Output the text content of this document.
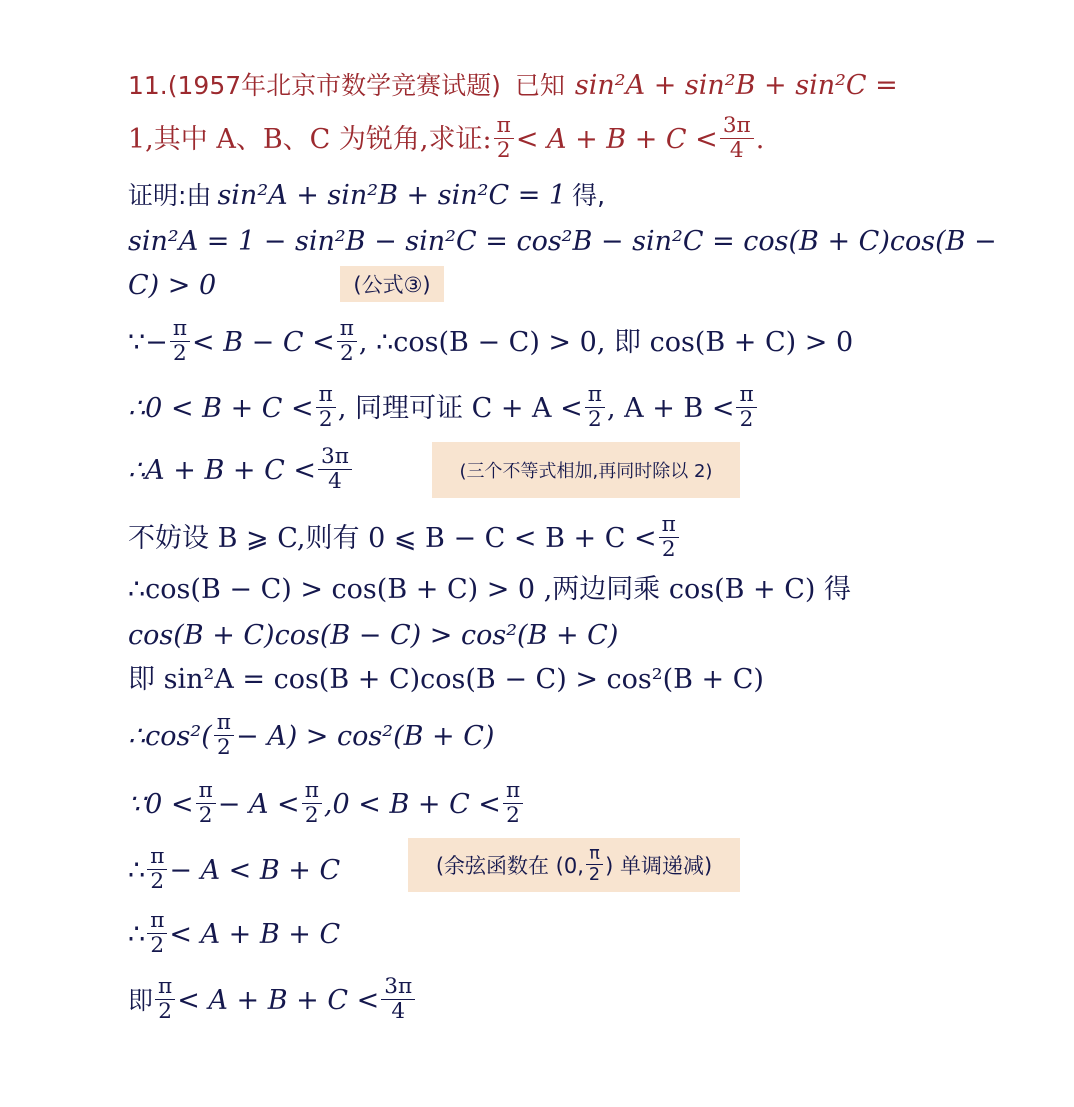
11.(1957年北京市数学竞赛试题) 已知 sin²A + sin²B + sin²C =
1,其中 A、B、C 为锐角,求证: $\frac{\pi}{2} < A + B + C < \frac{3\pi}{4}$ .
证明:由 sin²A + sin²B + sin²C = 1 得,
sin²A = 1 − sin²B − sin²C = cos²B − sin²C = cos(B + C)cos(B −
C) > 0	(公式③)
∵− $\frac{\pi}{2} < B - C < \frac{\pi}{2}$ , ∴cos(B − C) > 0, 即 cos(B + C) > 0
∴0 < $B + C < \frac{\pi}{2}$ , 同理可证 $C + A < \frac{\pi}{2}$ , $A + B < \frac{\pi}{2}$
∴A + $B + C < \frac{3\pi}{4}$	(三个不等式相加,再同时除以 2)
不妨设 B ⩾ C,则有 0 ⩽ $B - C < B + C < \frac{\pi}{2}$
∴cos(B − C) > cos(B + C) > 0 ,两边同乘 cos(B + C) 得
cos(B + C)cos(B − C) > cos²(B + C)
即 sin²A = cos(B + C)cos(B − C) > cos²(B + C)
∴cos²( $\frac{\pi}{2} - A) > \cos^2(B + C)$
∵0 < $\frac{\pi}{2} - A < \frac{\pi}{2} ,0 < B + C < \frac{\pi}{2}$
∴ $\frac{\pi}{2} - A < B + C$	(余弦函数在 (0, $\frac{\pi}{2}$ ) 单调递减)
∴ $\frac{\pi}{2} < A + B + C$
即 $\frac{\pi}{2} < A + B + C < \frac{3\pi}{4}$
